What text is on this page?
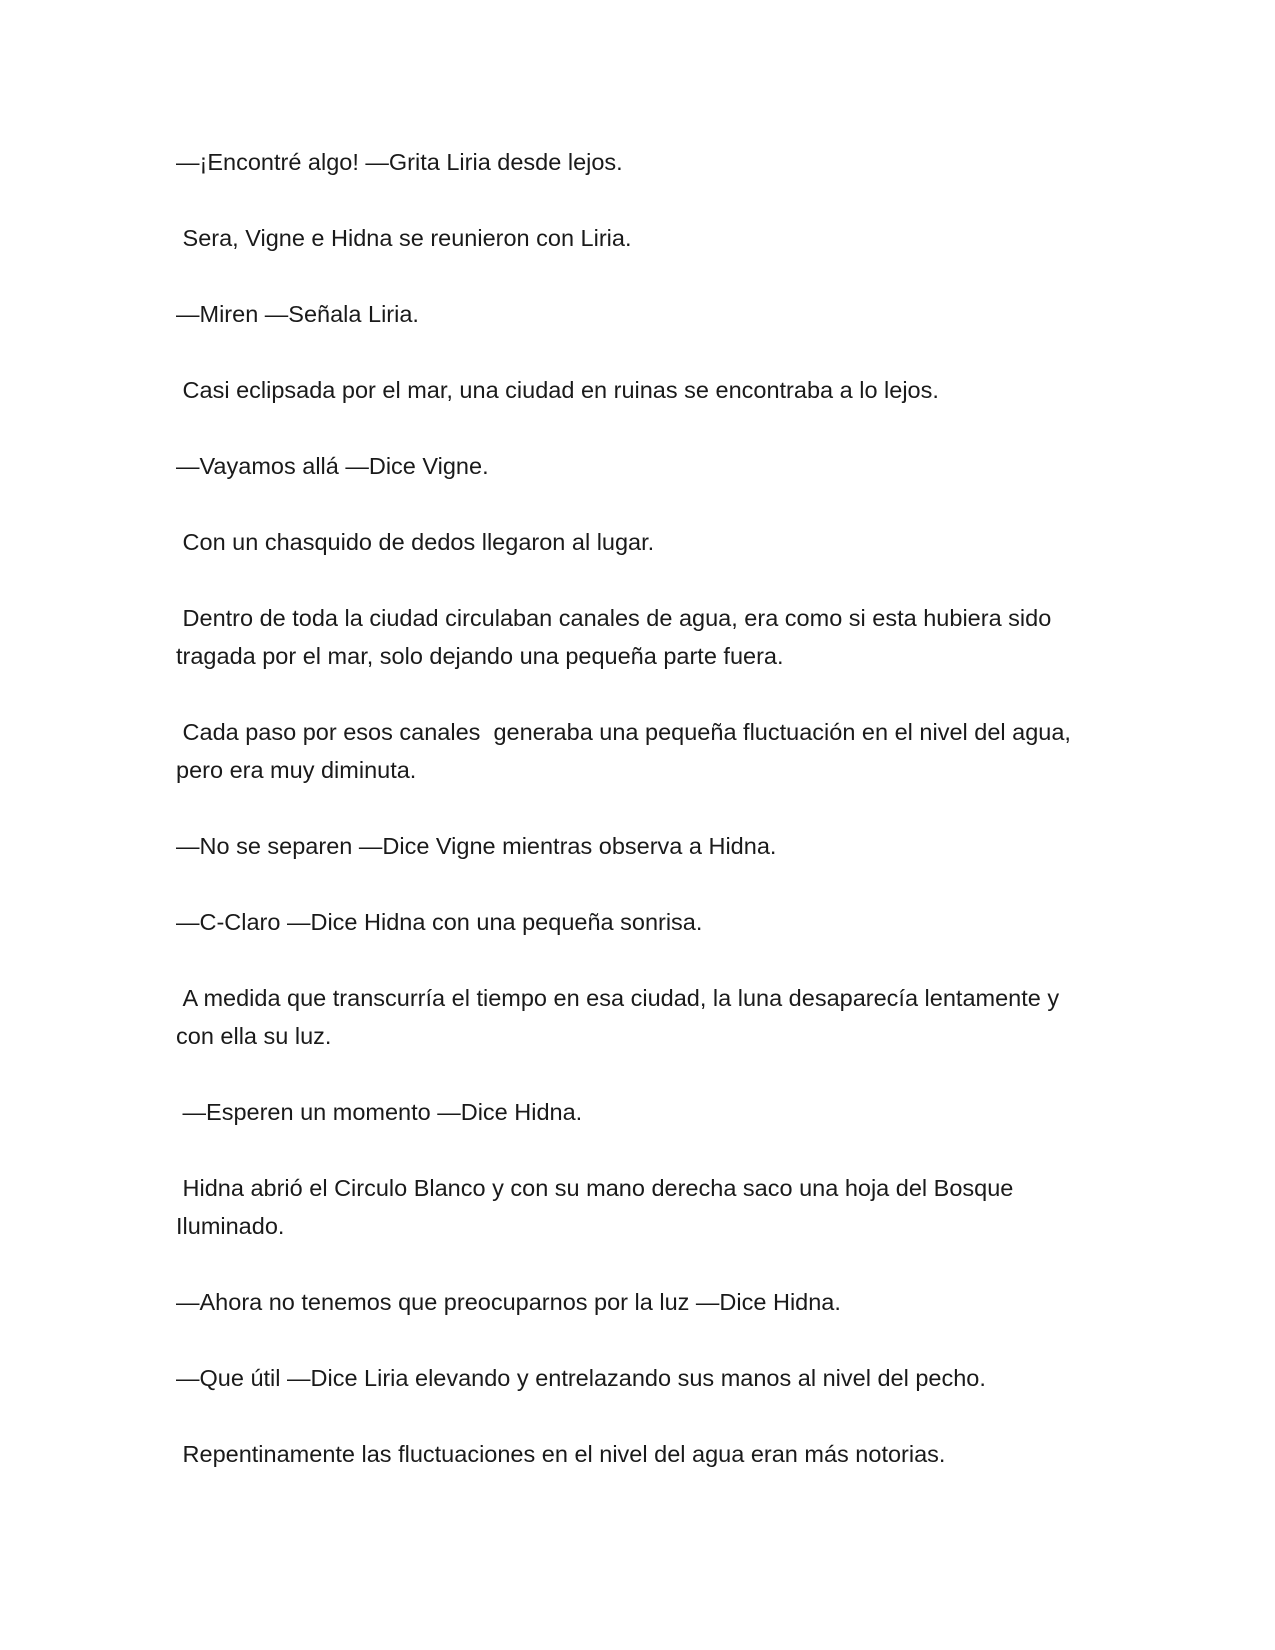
—¡Encontré algo! —Grita Liria desde lejos.

Sera, Vigne e Hidna se reunieron con Liria.

—Miren —Señala Liria.

Casi eclipsada por el mar, una ciudad en ruinas se encontraba a lo lejos.

—Vayamos allá —Dice Vigne.

Con un chasquido de dedos llegaron al lugar.

Dentro de toda la ciudad circulaban canales de agua, era como si esta hubiera sido tragada por el mar, solo dejando una pequeña parte fuera.

Cada paso por esos canales  generaba una pequeña fluctuación en el nivel del agua, pero era muy diminuta.

—No se separen —Dice Vigne mientras observa a Hidna.

—C-Claro —Dice Hidna con una pequeña sonrisa.

A medida que transcurría el tiempo en esa ciudad, la luna desaparecía lentamente y con ella su luz.

—Esperen un momento —Dice Hidna.

Hidna abrió el Circulo Blanco y con su mano derecha saco una hoja del Bosque Iluminado.

—Ahora no tenemos que preocuparnos por la luz —Dice Hidna.

—Que útil —Dice Liria elevando y entrelazando sus manos al nivel del pecho.

Repentinamente las fluctuaciones en el nivel del agua eran más notorias.
